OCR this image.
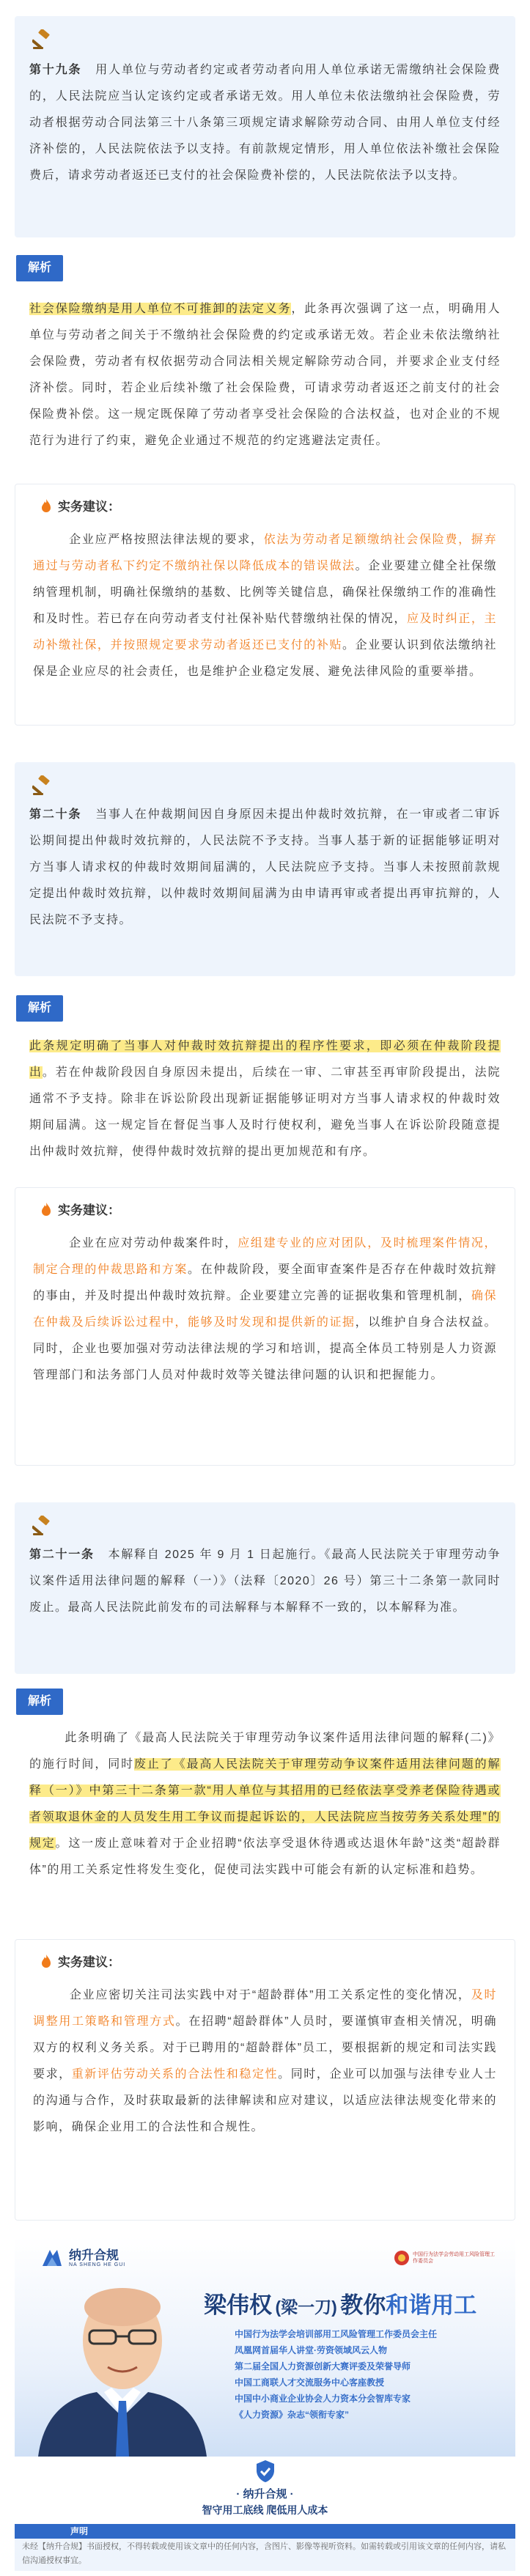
第十九条 用人单位与劳动者约定或者劳动者向用人单位承诺无需缴纳社会保险费的，人民法院应当认定该约定或者承诺无效。用人单位未依法缴纳社会保险费，劳动者根据劳动合同法第三十八条第三项规定请求解除劳动合同、由用人单位支付经济补偿的，人民法院依法予以支持。有前款规定情形，用人单位依法补缴社会保险费后，请求劳动者返还已支付的社会保险费补偿的，人民法院依法予以支持。

解析

社会保险缴纳是用人单位不可推卸的法定义务，此条再次强调了这一点，明确用人单位与劳动者之间关于不缴纳社会保险费的约定或承诺无效。若企业未依法缴纳社会保险费，劳动者有权依据劳动合同法相关规定解除劳动合同，并要求企业支付经济补偿。同时，若企业后续补缴了社会保险费，可请求劳动者返还之前支付的社会保险费补偿。这一规定既保障了劳动者享受社会保险的合法权益，也对企业的不规范行为进行了约束，避免企业通过不规范的约定逃避法定责任。

实务建议：

企业应严格按照法律法规的要求，依法为劳动者足额缴纳社会保险费，摒弃通过与劳动者私下约定不缴纳社保以降低成本的错误做法。企业要建立健全社保缴纳管理机制，明确社保缴纳的基数、比例等关键信息，确保社保缴纳工作的准确性和及时性。若已存在向劳动者支付社保补贴代替缴纳社保的情况，应及时纠正，主动补缴社保，并按照规定要求劳动者返还已支付的补贴。企业要认识到依法缴纳社保是企业应尽的社会责任，也是维护企业稳定发展、避免法律风险的重要举措。

第二十条 当事人在仲裁期间因自身原因未提出仲裁时效抗辩，在一审或者二审诉讼期间提出仲裁时效抗辩的，人民法院不予支持。当事人基于新的证据能够证明对方当事人请求权的仲裁时效期间届满的，人民法院应予支持。当事人未按照前款规定提出仲裁时效抗辩，以仲裁时效期间届满为由申请再审或者提出再审抗辩的，人民法院不予支持。

解析

此条规定明确了当事人对仲裁时效抗辩提出的程序性要求，即必须在仲裁阶段提出。若在仲裁阶段因自身原因未提出，后续在一审、二审甚至再审阶段提出，法院通常不予支持。除非在诉讼阶段出现新证据能够证明对方当事人请求权的仲裁时效期间届满。这一规定旨在督促当事人及时行使权利，避免当事人在诉讼阶段随意提出仲裁时效抗辩，使得仲裁时效抗辩的提出更加规范和有序。

实务建议：

企业在应对劳动仲裁案件时，应组建专业的应对团队，及时梳理案件情况，制定合理的仲裁思路和方案。在仲裁阶段，要全面审查案件是否存在仲裁时效抗辩的事由，并及时提出仲裁时效抗辩。企业要建立完善的证据收集和管理机制，确保在仲裁及后续诉讼过程中，能够及时发现和提供新的证据，以维护自身合法权益。同时，企业也要加强对劳动法律法规的学习和培训，提高全体员工特别是人力资源管理部门和法务部门人员对仲裁时效等关键法律问题的认识和把握能力。

第二十一条 本解释自 2025 年 9 月 1 日起施行。《最高人民法院关于审理劳动争议案件适用法律问题的解释（一）》（法释〔2020〕26 号）第三十二条第一款同时废止。最高人民法院此前发布的司法解释与本解释不一致的，以本解释为准。

解析

此条明确了《最高人民法院关于审理劳动争议案件适用法律问题的解释(二)》的施行时间，同时废止了《最高人民法院关于审理劳动争议案件适用法律问题的解释（一）》中第三十二条第一款“用人单位与其招用的已经依法享受养老保险待遇或者领取退休金的人员发生用工争议而提起诉讼的，人民法院应当按劳务关系处理”的规定。这一废止意味着对于企业招聘“依法享受退休待遇或达退休年龄”这类“超龄群体”的用工关系定性将发生变化，促使司法实践中可能会有新的认定标准和趋势。

实务建议：

企业应密切关注司法实践中对于“超龄群体”用工关系定性的变化情况，及时调整用工策略和管理方式。在招聘“超龄群体”人员时，要谨慎审查相关情况，明确双方的权利义务关系。对于已聘用的“超龄群体”员工，要根据新的规定和司法实践要求，重新评估劳动关系的合法性和稳定性。同时，企业可以加强与法律专业人士的沟通与合作，及时获取最新的法律解读和应对建议，以适应法律法规变化带来的影响，确保企业用工的合法性和合规性。

纳升合规
NA SHENG HE GUI
中国行为法学会劳动用工风险管理工作委员会
梁伟权 (梁一刀) 教你和谐用工
中国行为法学会培训部用工风险管理工作委员会主任
凤凰网首届华人讲堂·劳资领域风云人物
第二届全国人力资源创新大赛评委及荣誉导师
中国工商联人才交流服务中心客座教授
中国中小商业企业协会人力资本分会智库专家
《人力资源》杂志“领衔专家”
· 纳升合规 ·
智守用工底线 爬低用人成本
声明

未经【纳升合规】书面授权，不得转载或使用该文章中的任何内容，含图片、影像等视听资料。如需转载或引用该文章的任何内容，请私信沟通授权事宜。
